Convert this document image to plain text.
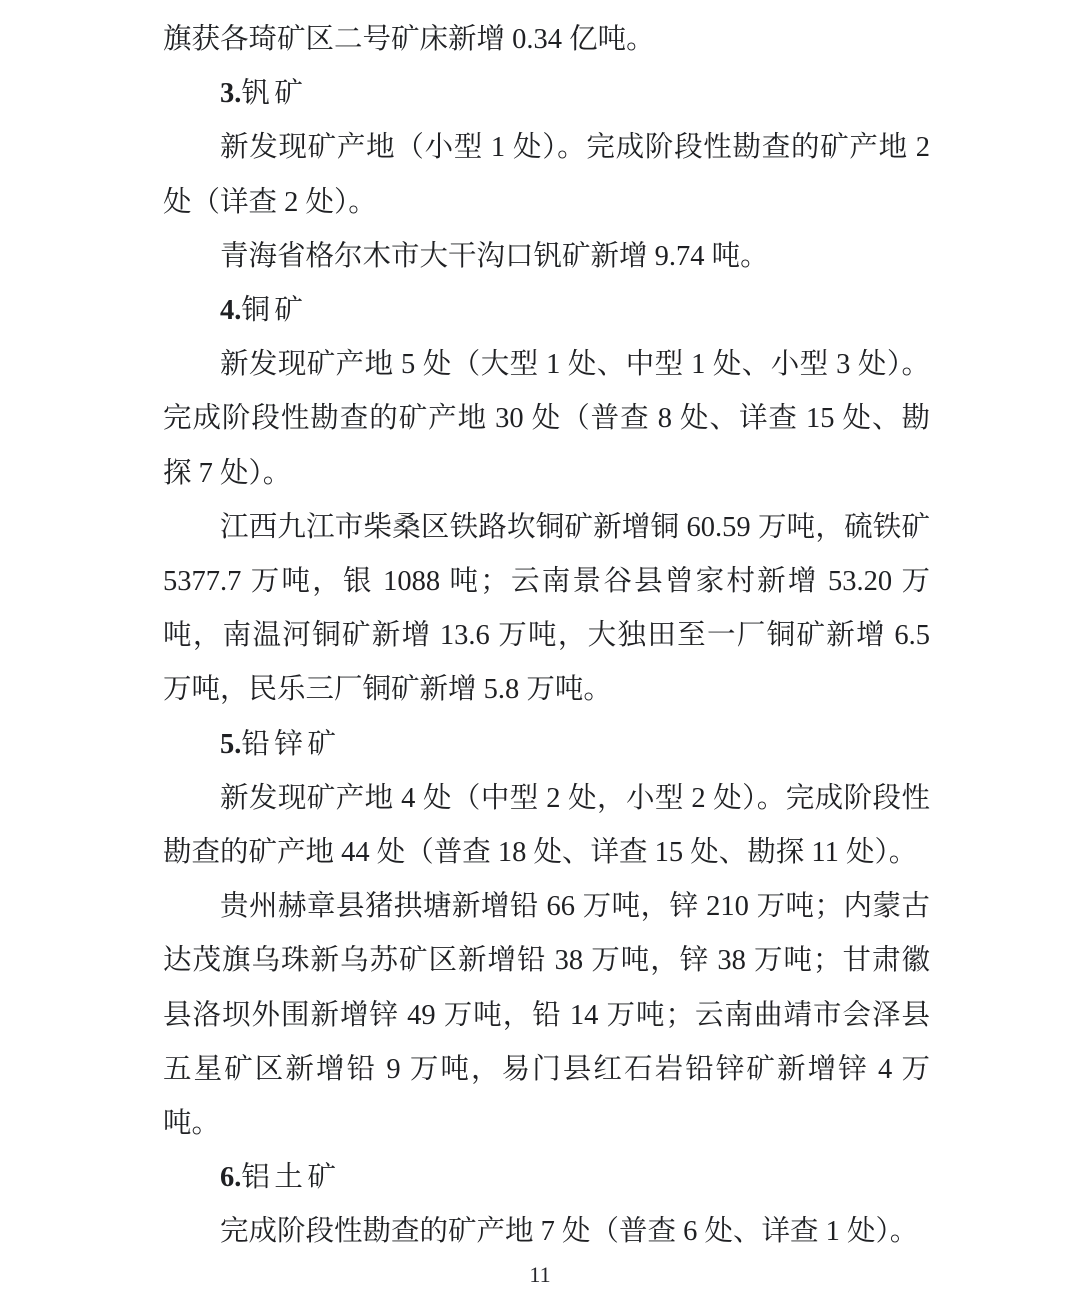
旗获各琦矿区二号矿床新增 0.34 亿吨。

3.钒矿

新发现矿产地（小型 1 处）。完成阶段性勘查的矿产地 2 处（详查 2 处）。

青海省格尔木市大干沟口钒矿新增 9.74 吨。

4.铜矿

新发现矿产地 5 处（大型 1 处、中型 1 处、小型 3 处）。完成阶段性勘查的矿产地 30 处（普查 8 处、详查 15 处、勘探 7 处）。

江西九江市柴桑区铁路坎铜矿新增铜 60.59 万吨，硫铁矿 5377.7 万吨，银 1088 吨；云南景谷县曾家村新增 53.20 万吨，南温河铜矿新增 13.6 万吨，大独田至一厂铜矿新增 6.5 万吨，民乐三厂铜矿新增 5.8 万吨。

5.铅锌矿

新发现矿产地 4 处（中型 2 处，小型 2 处）。完成阶段性勘查的矿产地 44 处（普查 18 处、详查 15 处、勘探 11 处）。

贵州赫章县猪拱塘新增铅 66 万吨，锌 210 万吨；内蒙古达茂旗乌珠新乌苏矿区新增铅 38 万吨，锌 38 万吨；甘肃徽县洛坝外围新增锌 49 万吨，铅 14 万吨；云南曲靖市会泽县五星矿区新增铅 9 万吨，易门县红石岩铅锌矿新增锌 4 万吨。

6.铝土矿

完成阶段性勘查的矿产地 7 处（普查 6 处、详查 1 处）。

11
